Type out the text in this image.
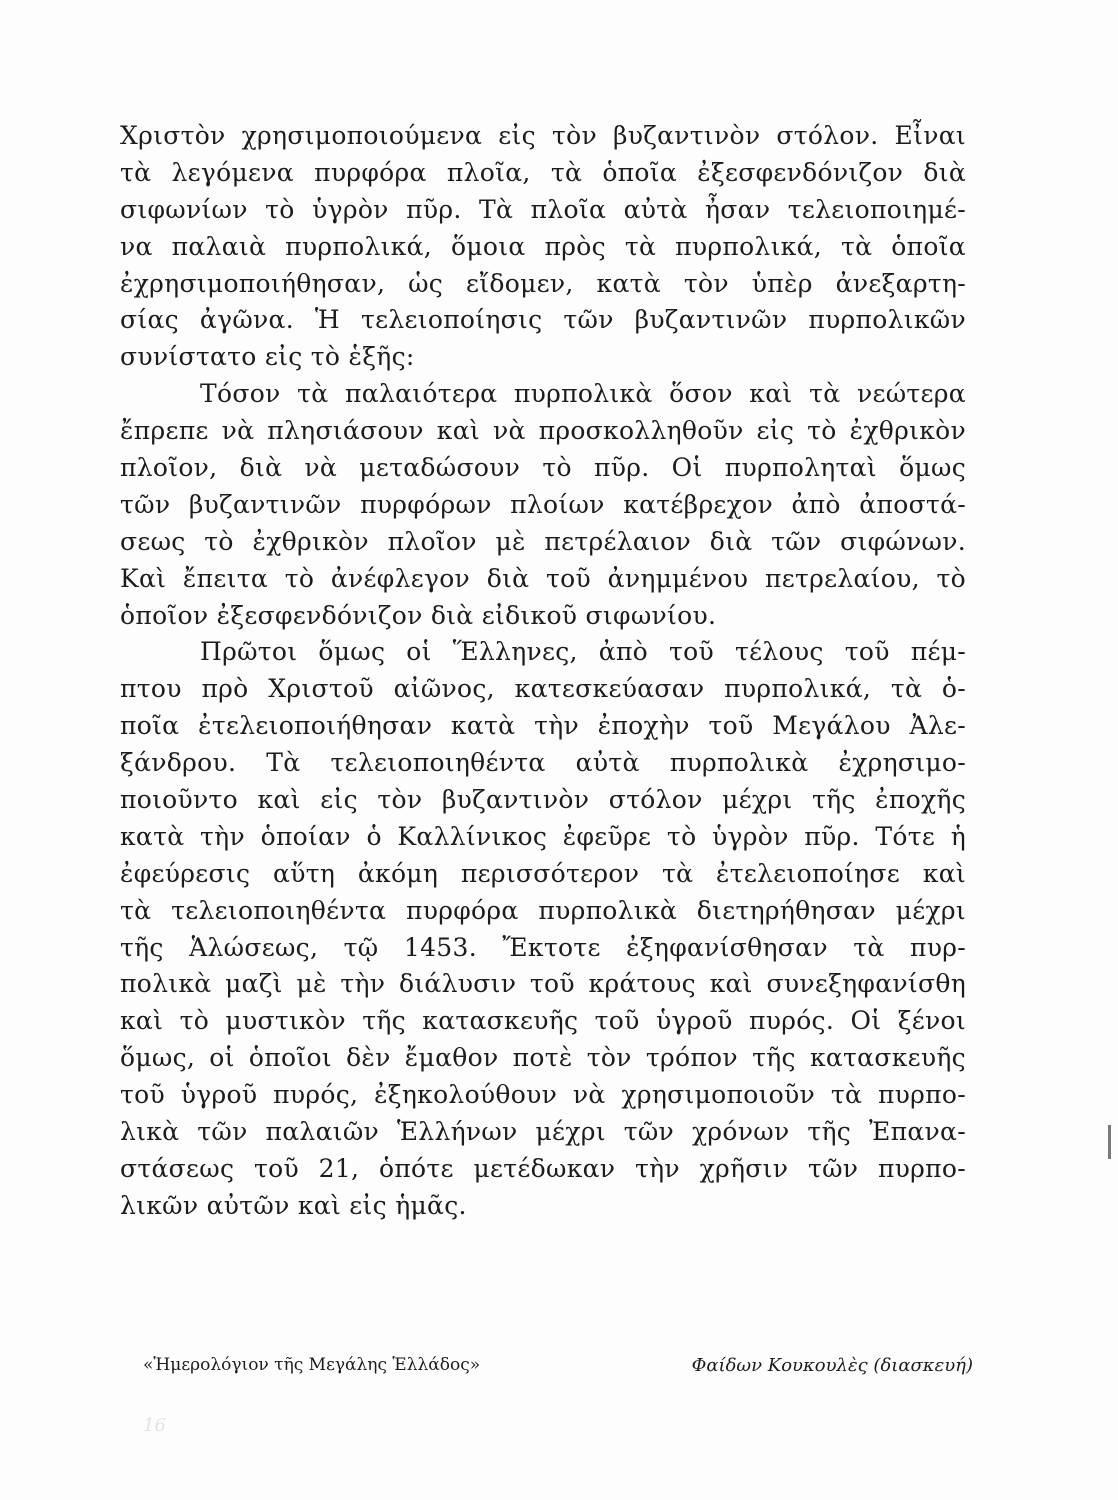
16
Χριστὸν χρησιμοποιούμενα εἰς τὸν βυζαντινὸν στόλον. Εἶναι
τὰ λεγόμενα πυρφόρα πλοῖα, τὰ ὁποῖα ἐξεσφενδόνιζον διὰ
σιφωνίων τὸ ὑγρὸν πῦρ. Τὰ πλοῖα αὐτὰ ἦσαν τελειοποιημέ-
να παλαιὰ πυρπολικά, ὅμοια πρὸς τὰ πυρπολικά, τὰ ὁποῖα
ἐχρησιμοποιήθησαν, ὡς εἴδομεν, κατὰ τὸν ὑπὲρ ἀνεξαρτη-
σίας ἀγῶνα. Ἡ τελειοποίησις τῶν βυζαντινῶν πυρπολικῶν
συνίστατο εἰς τὸ ἑξῆς:
Τόσον τὰ παλαιότερα πυρπολικὰ ὅσον καὶ τὰ νεώτερα
ἔπρεπε νὰ πλησιάσουν καὶ νὰ προσκολληθοῦν εἰς τὸ ἐχθρικὸν
πλοῖον, διὰ νὰ μεταδώσουν τὸ πῦρ. Οἱ πυρποληταὶ ὅμως
τῶν βυζαντινῶν πυρφόρων πλοίων κατέβρεχον ἀπὸ ἀποστά-
σεως τὸ ἐχθρικὸν πλοῖον μὲ πετρέλαιον διὰ τῶν σιφώνων.
Καὶ ἔπειτα τὸ ἀνέφλεγον διὰ τοῦ ἀνημμένου πετρελαίου, τὸ
ὁποῖον ἐξεσφενδόνιζον διὰ εἰδικοῦ σιφωνίου.
Πρῶτοι ὅμως οἱ Ἕλληνες, ἀπὸ τοῦ τέλους τοῦ πέμ-
πτου πρὸ Χριστοῦ αἰῶνος, κατεσκεύασαν πυρπολικά, τὰ ὁ-
ποῖα ἐτελειοποιήθησαν κατὰ τὴν ἐποχὴν τοῦ Μεγάλου Ἀλε-
ξάνδρου. Τὰ τελειοποιηθέντα αὐτὰ πυρπολικὰ ἐχρησιμο-
ποιοῦντο καὶ εἰς τὸν βυζαντινὸν στόλον μέχρι τῆς ἐποχῆς
κατὰ τὴν ὁποίαν ὁ Καλλίνικος ἐφεῦρε τὸ ὑγρὸν πῦρ. Τότε ἡ
ἐφεύρεσις αὕτη ἀκόμη περισσότερον τὰ ἐτελειοποίησε καὶ
τὰ τελειοποιηθέντα πυρφόρα πυρπολικὰ διετηρήθησαν μέχρι
τῆς Ἁλώσεως, τῷ 1453. Ἔκτοτε ἐξηφανίσθησαν τὰ πυρ-
πολικὰ μαζὶ μὲ τὴν διάλυσιν τοῦ κράτους καὶ συνεξηφανίσθη
καὶ τὸ μυστικὸν τῆς κατασκευῆς τοῦ ὑγροῦ πυρός. Οἱ ξένοι
ὅμως, οἱ ὁποῖοι δὲν ἔμαθον ποτὲ τὸν τρόπον τῆς κατασκευῆς
τοῦ ὑγροῦ πυρός, ἐξηκολούθουν νὰ χρησιμοποιοῦν τὰ πυρπο-
λικὰ τῶν παλαιῶν Ἑλλήνων μέχρι τῶν χρόνων τῆς Ἐπανα-
στάσεως τοῦ 21, ὁπότε μετέδωκαν τὴν χρῆσιν τῶν πυρπο-
λικῶν αὐτῶν καὶ εἰς ἡμᾶς.
«Ἡμερολόγιον τῆς Μεγάλης Ἑλλάδος»	Φαίδων Κουκουλὲς (διασκευή)
